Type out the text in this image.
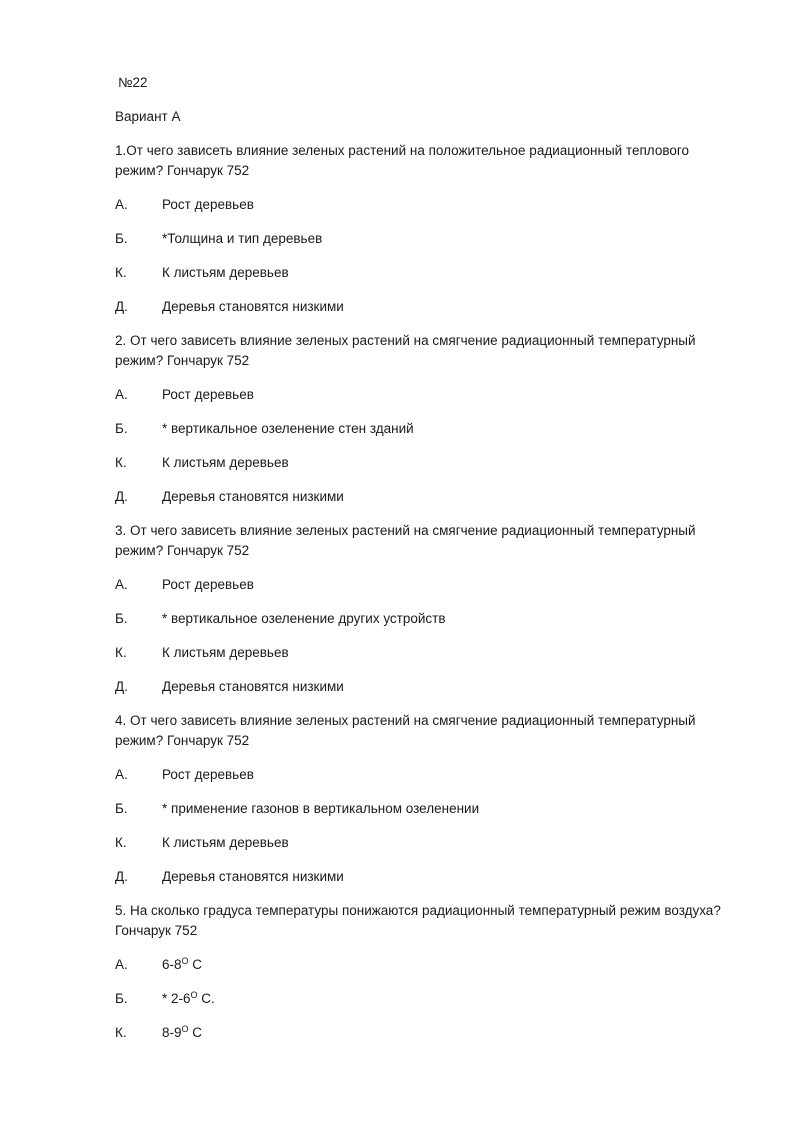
№22
Вариант А
1.От чего зависеть влияние зеленых растений на положительное радиационный теплового режим? Гончарук 752
А.	Рост деревьев
Б.	*Толщина и тип деревьев
К.	К листьям деревьев
Д.	Деревья становятся низкими
2. От чего зависеть влияние зеленых растений на смягчение радиационный температурный режим? Гончарук 752
А.	Рост деревьев
Б.	* вертикальное озеленение стен зданий
К.	К листьям деревьев
Д.	Деревья становятся низкими
3. От чего зависеть влияние зеленых растений на смягчение радиационный температурный режим? Гончарук 752
А.	Рост деревьев
Б.	* вертикальное озеленение других устройств
К.	К листьям деревьев
Д.	Деревья становятся низкими
4. От чего зависеть влияние зеленых растений на смягчение радиационный температурный режим? Гончарук 752
А.	Рост деревьев
Б.	* применение газонов в вертикальном озеленении
К.	К листьям деревьев
Д.	Деревья становятся низкими
5. На сколько градуса температуры понижаются радиационный температурный режим воздуха? Гончарук 752
А.	$6-8^O$ C
Б.	* $2-6^O$ C.
К.	$8-9^O$ C
